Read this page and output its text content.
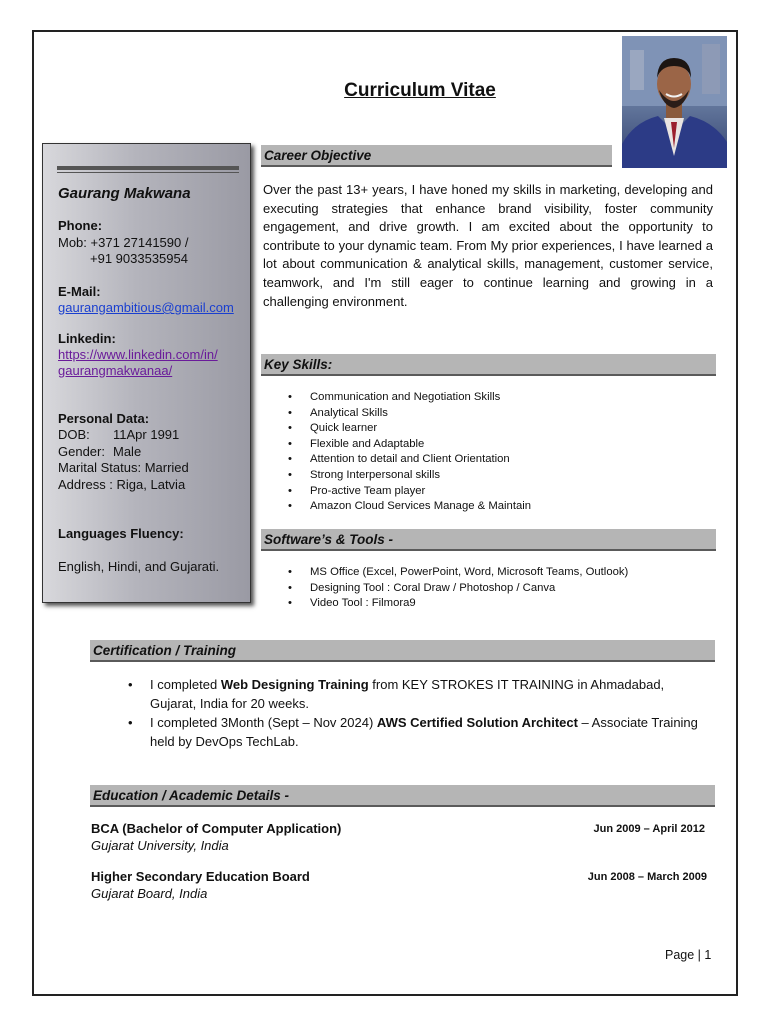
Curriculum Vitae
Gaurang Makwana
Phone:
Mob: +371 27141590 /
+91 9033535954
E-Mail:
gaurangambitious@gmail.com
Linkedin:
https://www.linkedin.com/in/
gaurangmakwanaa/
Personal Data:
DOB: 11Apr 1991
Gender: Male
Marital Status: Married
Address : Riga, Latvia
Languages Fluency:
English, Hindi, and Gujarati.
Career Objective
Over the past 13+ years, I have honed my skills in marketing, developing and executing strategies that enhance brand visibility, foster community engagement, and drive growth. I am excited about the opportunity to contribute to your dynamic team. From My prior experiences, I have learned a lot about communication & analytical skills, management, customer service, teamwork, and I'm still eager to continue learning and growing in a challenging environment.
Key Skills:
• Communication and Negotiation Skills
• Analytical Skills
• Quick learner
• Flexible and Adaptable
• Attention to detail and Client Orientation
• Strong Interpersonal skills
• Pro-active Team player
• Amazon Cloud Services Manage & Maintain
Software’s & Tools -
• MS Office (Excel, PowerPoint, Word, Microsoft Teams, Outlook)
• Designing Tool : Coral Draw / Photoshop / Canva
• Video Tool : Filmora9
Certification / Training
• I completed Web Designing Training from KEY STROKES IT TRAINING in Ahmadabad, Gujarat, India for 20 weeks.
• I completed 3Month (Sept – Nov 2024) AWS Certified Solution Architect – Associate Training held by DevOps TechLab.
Education / Academic Details -
BCA (Bachelor of Computer Application)
Gujarat University, India
Jun 2009 – April 2012
Higher Secondary Education Board
Gujarat Board, India
Jun 2008 – March 2009
Page | 1
